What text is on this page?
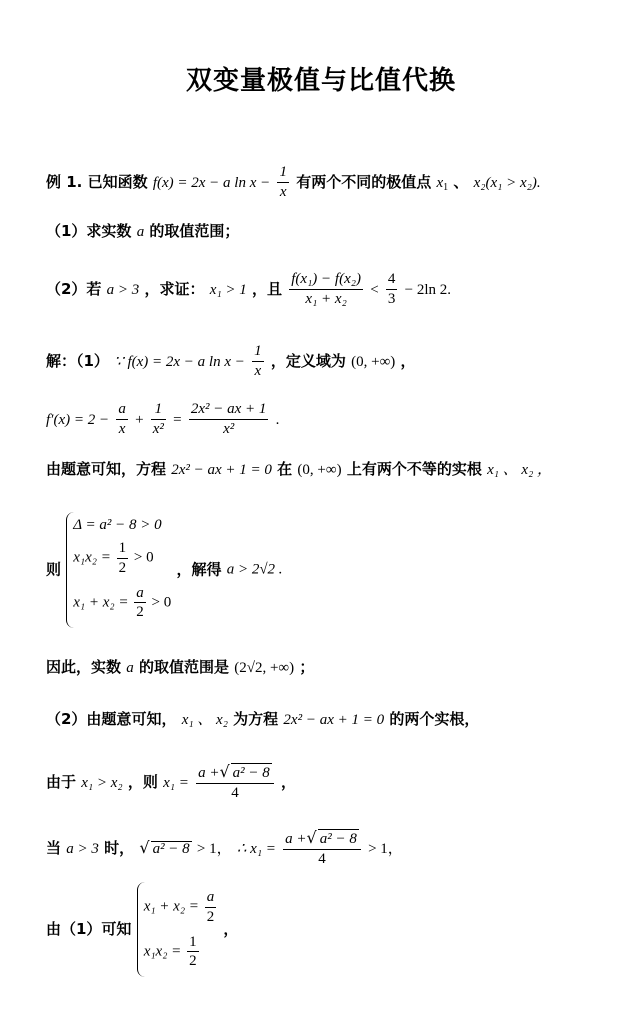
双变量极值与比值代换
例 1. 已知函数 f(x) = 2x − a $\ln x - \frac{1}{x}$ 有两个不同的极值点 $x_1$ 、 x₂(x₁ > x₂).
（1）求实数 a 的取值范围；
（2）若 a > 3 ，求证： x₁ > 1 ，且 $\frac{\text{f(x₁) − f(x₂)}}{\text{x₁ + x₂}} < \frac{4}{3} - 2\ln$ 2.
解：（1） ∵ f(x) = 2x − a $\ln x - \frac{1}{x}$ ，定义域为 (0, +∞) ，
$f'(x) = 2 - \frac{a}{x} + \frac{1}{\text{x²}} = \frac{\text{2x² − ax + 1}}{\text{x²}}$ .
由题意可知，方程 2x² − ax + 1 = 0 在 (0, +∞) 上有两个不等的实根 x₁ 、 x₂ ，
则
Δ = a² − 8 > 0
$x_1x_2 = \frac{1}{2} > 0$
$x_1 + x_2 = \frac{a}{2} > 0$
，解得 a > 2√2 .
因此，实数 a 的取值范围是 (2√2, +∞) ；
（2）由题意可知， x₁ 、 x₂ 为方程 2x² − ax + 1 = 0 的两个实根，
由于 x₁ > x₂ ，则 $x_1 = \frac{\text{a +√ a² − 8}}{4}$ ，
当 a > 3 时， √ a² − 8 > 1， ∴ $x_1 = \frac{\text{a +√ a² − 8}}{4} > 1$，
由（1）可知
$x_1 + x_2 = \frac{a}{2}$
$x_1x_2 = \frac{1}{2}$
，
